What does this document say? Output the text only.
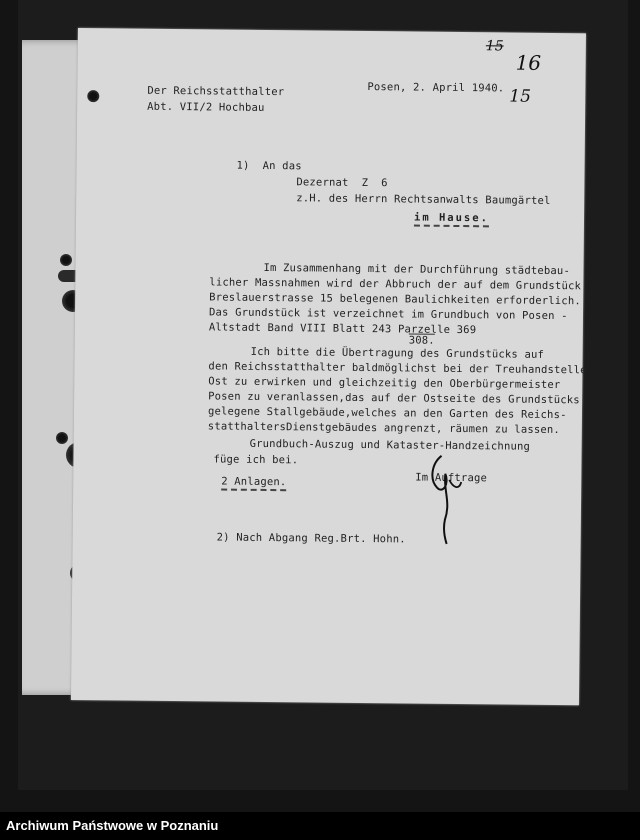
Der Reichsstatthalter
Abt. VII/2 Hochbau
Posen, 2. April 1940.
15
16
15
1)  An das
Dezernat  Z  6
z.H. des Herrn Rechtsanwalts Baumgärtel
im Hause.
Im Zusammenhang mit der Durchführung städtebau-
licher Massnahmen wird der Abbruch der auf dem Grundstück
Breslauerstrasse 15 belegenen Baulichkeiten erforderlich.
Das Grundstück ist verzeichnet im Grundbuch von Posen -
Altstadt Band VIII Blatt 243 Parzelle 369
308.
Ich bitte die Übertragung des Grundstücks auf
den Reichsstatthalter baldmöglichst bei der Treuhandstelle
Ost zu erwirken und gleichzeitig den Oberbürgermeister
Posen zu veranlassen,das auf der Ostseite des Grundstücks
gelegene Stallgebäude,welches an den Garten des Reichs-
statthaltersDienstgebäudes angrenzt, räumen zu lassen.
Grundbuch-Auszug und Kataster-Handzeichnung
füge ich bei.
2 Anlagen.	Im Auftrage
2) Nach Abgang Reg.Brt. Hohn.
Archiwum Państwowe w Poznaniu
